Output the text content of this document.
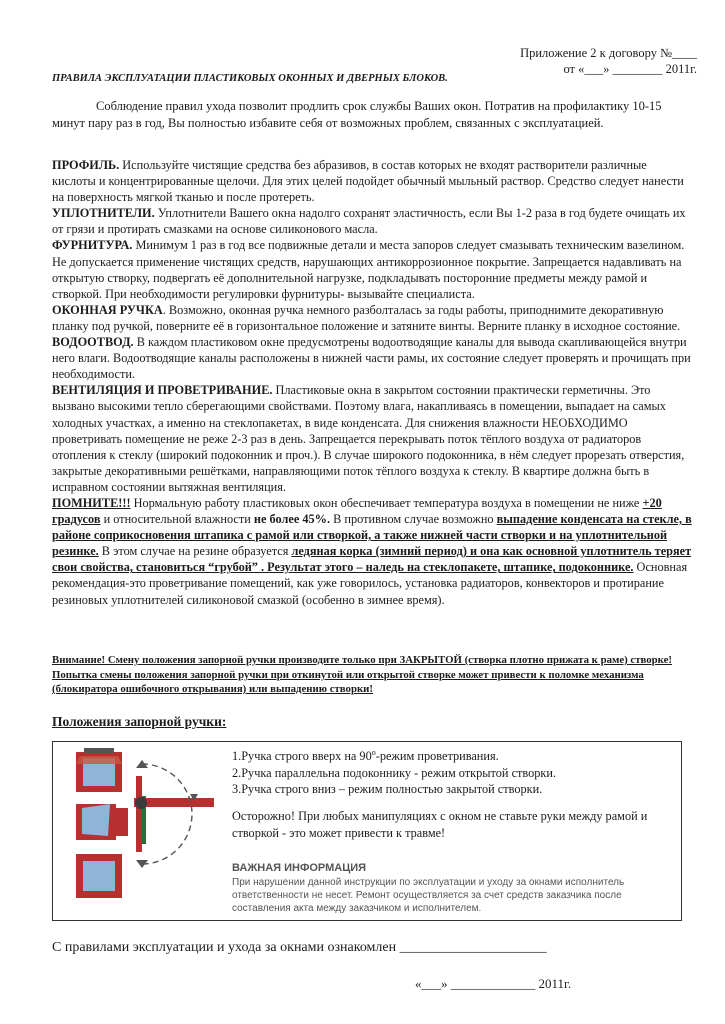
Приложение 2 к договору №____
от «___» ________ 2011г.
ПРАВИЛА ЭКСПЛУАТАЦИИ ПЛАСТИКОВЫХ ОКОННЫХ И ДВЕРНЫХ БЛОКОВ.
Соблюдение правил ухода позволит продлить срок службы Ваших окон. Потратив на профилактику 10-15 минут пару раз в год, Вы полностью избавите себя от возможных проблем, связанных с эксплуатацией.

ПРОФИЛЬ. Используйте чистящие средства без абразивов, в состав которых не входят растворители различные кислоты и концентрированные щелочи. Для этих целей подойдет обычный мыльный раствор. Средство следует нанести на поверхность мягкой тканью и после протереть.

УПЛОТНИТЕЛИ. Уплотнители Вашего окна надолго сохранят эластичность, если Вы 1-2 раза в год будете очищать их от грязи и протирать смазками на основе силиконового масла.

ФУРНИТУРА. Минимум 1 раз в год все подвижные детали и места запоров следует смазывать техническим вазелином. Не допускается применение чистящих средств, нарушающих антикоррозионное покрытие. Запрещается надавливать на открытую створку, подвергать её дополнительной нагрузке, подкладывать посторонние предметы между рамой и створкой. При необходимости регулировки фурнитуры- вызывайте специалиста.

ОКОННАЯ РУЧКА. Возможно, оконная ручка немного разболталась за годы работы, приподнимите декоративную планку под ручкой, поверните её в горизонтальное положение и затяните винты. Верните планку в исходное состояние.

ВОДООТВОД. В каждом пластиковом окне предусмотрены водоотводящие каналы для вывода скапливающейся внутри него влаги. Водоотводящие каналы расположены в нижней части рамы, их состояние следует проверять и прочищать при необходимости.

ВЕНТИЛЯЦИЯ И ПРОВЕТРИВАНИЕ. Пластиковые окна в закрытом состоянии практически герметичны. Это вызвано высокими тепло сберегающими свойствами. Поэтому влага, накапливаясь в помещении, выпадает на самых холодных участках, а именно на стеклопакетах, в виде конденсата. Для снижения влажности НЕОБХОДИМО проветривать помещение не реже 2-3 раз в день. Запрещается перекрывать поток тёплого воздуха от радиаторов отопления к стеклу (широкий подоконник и проч.). В случае широкого подоконника, в нём следует прорезать отверстия, закрытые декоративными решётками, направляющими поток тёплого воздуха к стеклу. В квартире должна быть в исправном состоянии вытяжная вентиляция.

ПОМНИТЕ!!! Нормальную работу пластиковых окон обеспечивает температура воздуха в помещении не ниже +20 градусов и относительной влажности не более 45%. В противном случае возможно выпадение конденсата на стекле, в районе соприкосновения штапика с рамой или створкой, а также нижней части створки и на уплотнительной резинке. В этом случае на резине образуется ледяная корка (зимний период) и она как основной уплотнитель теряет свои свойства, становиться “грубой” . Результат этого – наледь на стеклопакете, штапике, подоконнике. Основная рекомендация-это проветривание помещений, как уже говорилось, установка радиаторов, конвекторов и протирание резиновых уплотнителей силиконовой смазкой (особенно в зимнее время).

Внимание! Смену положения запорной ручки производите только при ЗАКРЫТОЙ (створка плотно прижата к раме) створке! Попытка смены положения запорной ручки при откинутой или открытой створке может привести к поломке механизма (блокиратора ошибочного открывания) или выпадению створки!
Положения запорной ручки:

1.Ручка строго вверх на $90^о$-режим проветривания.

2.Ручка параллельна подоконнику - режим открытой створки.

3.Ручка строго вниз – режим полностью закрытой створки.

Осторожно! При любых манипуляциях с окном не ставьте руки между рамой и створкой - это может привести к травме!
ВАЖНАЯ ИНФОРМАЦИЯ
При нарушении данной инструкции по эксплуатации и уходу за окнами исполнитель ответственности не несет. Ремонт осуществляется за счет средств заказчика после составления акта между заказчиком и исполнителем.
С правилами эксплуатации и ухода за окнами ознакомлен _____________________
«___» _____________ 2011г.
